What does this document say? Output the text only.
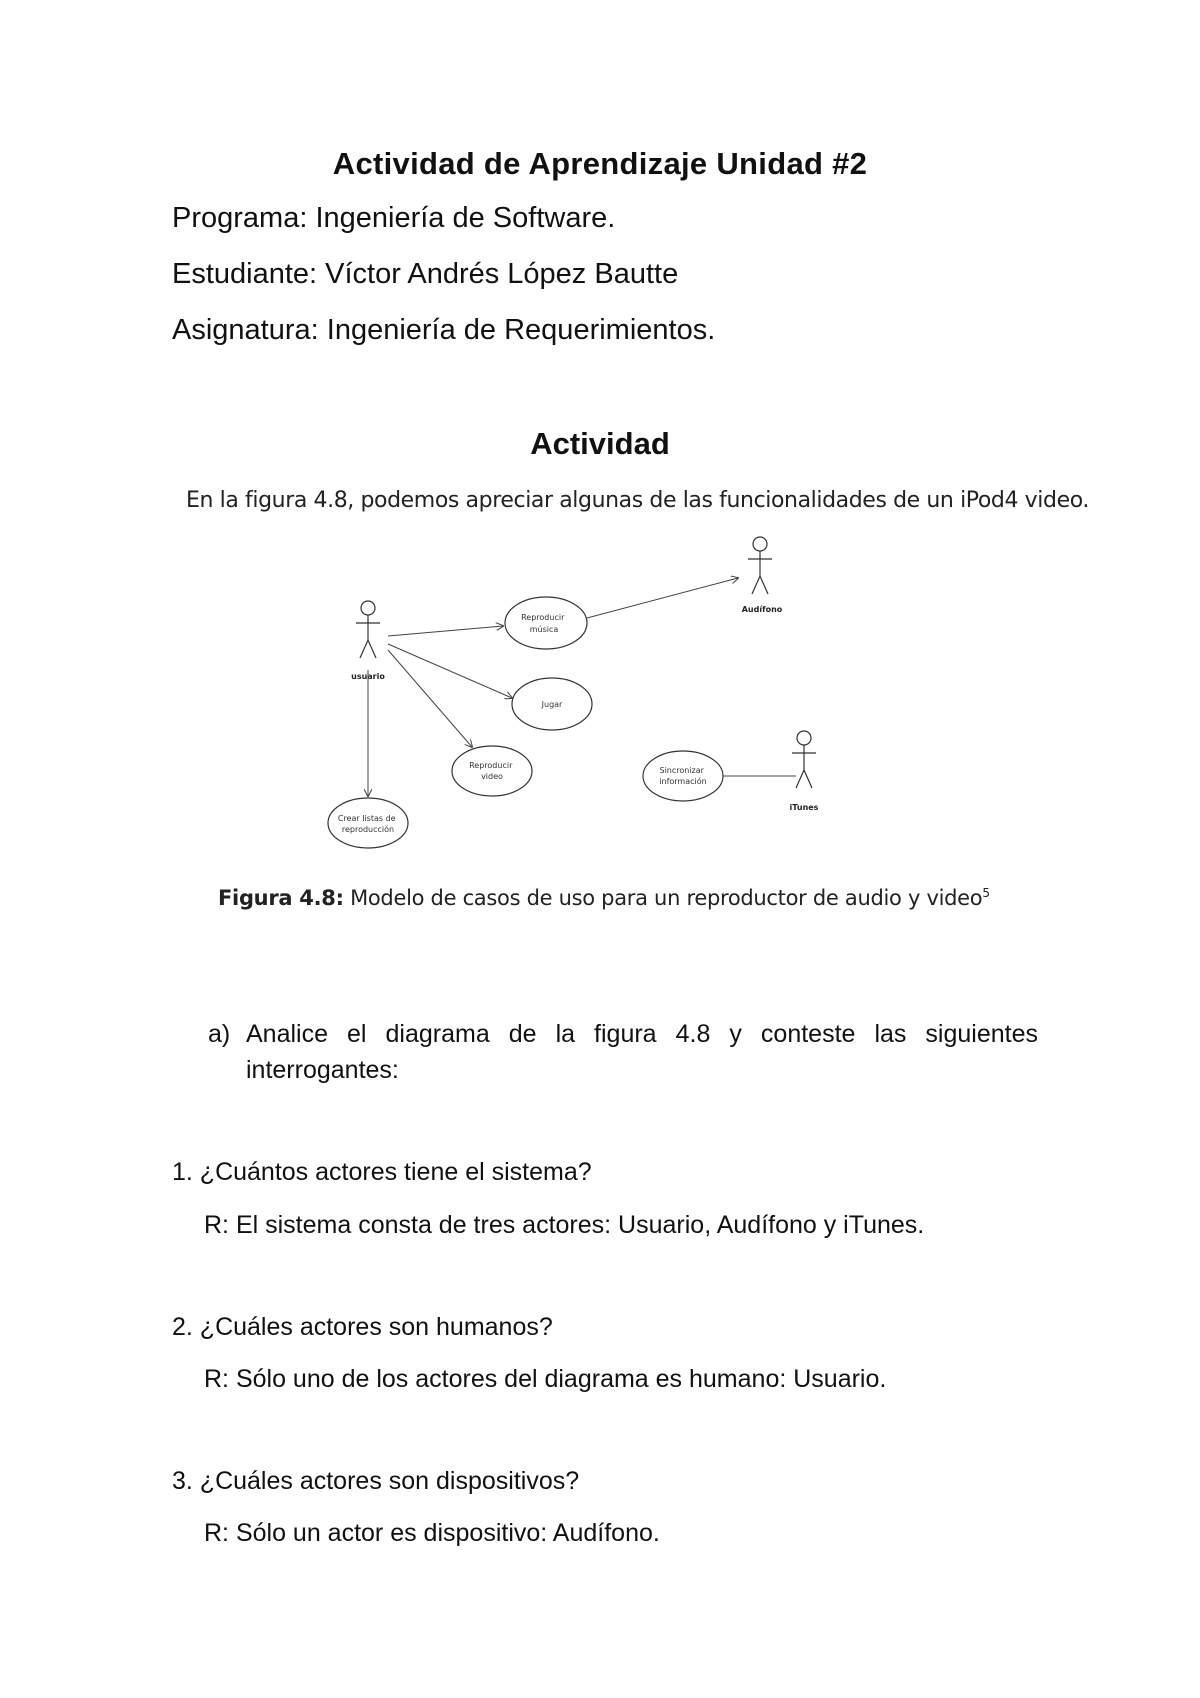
Actividad de Aprendizaje Unidad #2
Programa: Ingeniería de Software.
Estudiante: Víctor Andrés López Bautte
Asignatura: Ingeniería de Requerimientos.
Actividad
En la figura 4.8, podemos apreciar algunas de las funcionalidades de un iPod4 video.
usuario
Audífono
iTunes
Reproducir música
Jugar
Reproducir video
Crear listas de reproducción
Sincronizar información
Figura 4.8: Modelo de casos de uso para un reproductor de audio y video$^5$
a) Analice el diagrama de la figura 4.8 y conteste las siguientes interrogantes:
1. ¿Cuántos actores tiene el sistema?
R: El sistema consta de tres actores: Usuario, Audífono y iTunes.
2. ¿Cuáles actores son humanos?
R: Sólo uno de los actores del diagrama es humano: Usuario.
3. ¿Cuáles actores son dispositivos?
R: Sólo un actor es dispositivo: Audífono.
